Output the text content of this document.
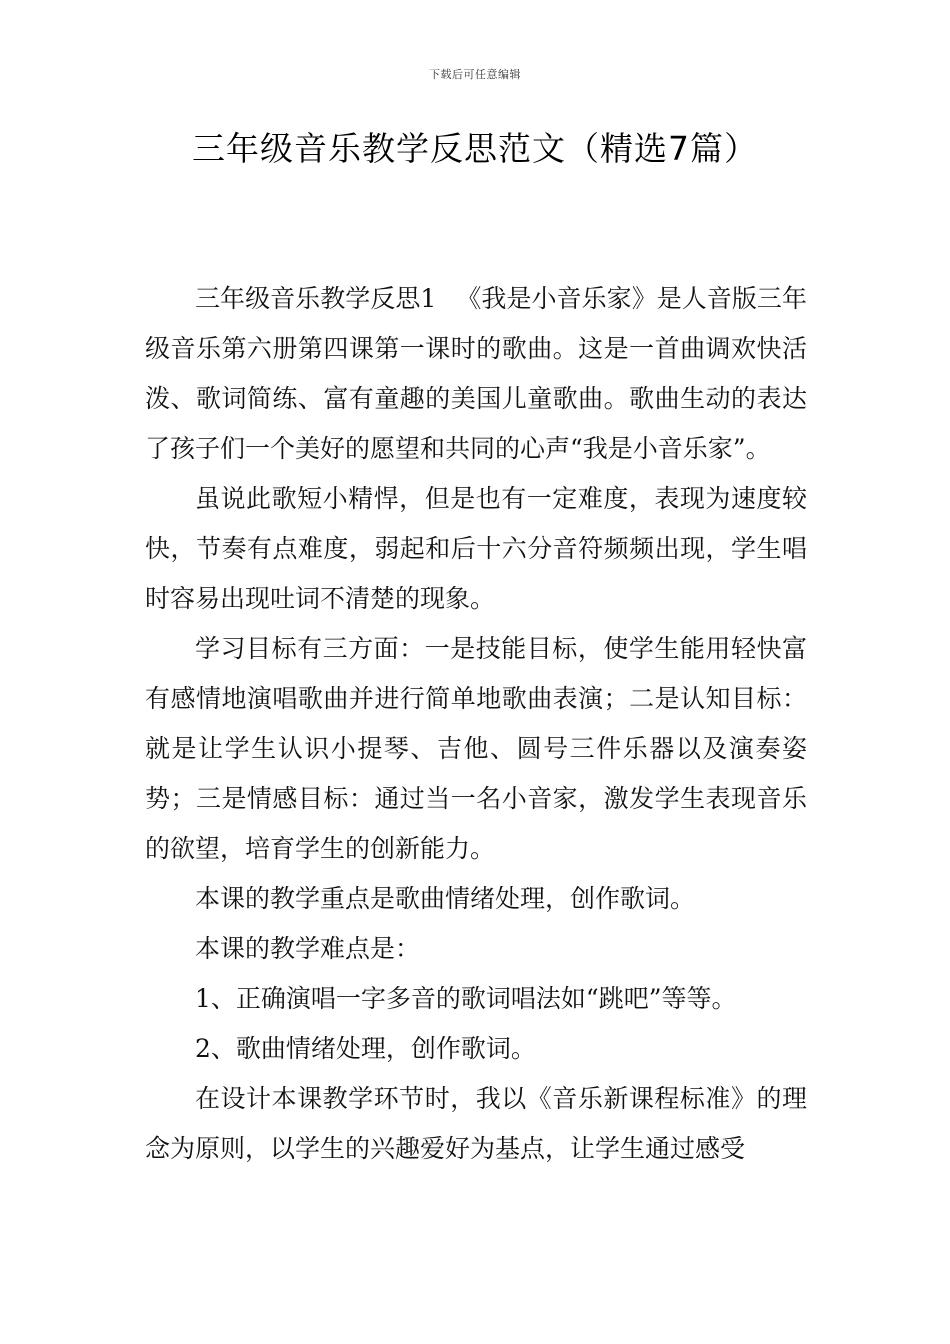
下载后可任意编辑
三年级音乐教学反思范文（精选7篇）

三年级音乐教学反思1 《我是小音乐家》是人音版三年级音乐第六册第四课第一课时的歌曲。这是一首曲调欢快活泼、歌词简练、富有童趣的美国儿童歌曲。歌曲生动的表达了孩子们一个美好的愿望和共同的心声“我是小音乐家”。

虽说此歌短小精悍，但是也有一定难度，表现为速度较快，节奏有点难度，弱起和后十六分音符频频出现，学生唱时容易出现吐词不清楚的现象。

学习目标有三方面：一是技能目标，使学生能用轻快富有感情地演唱歌曲并进行简单地歌曲表演；二是认知目标：就是让学生认识小提琴、吉他、圆号三件乐器以及演奏姿势；三是情感目标：通过当一名小音家，激发学生表现音乐的欲望，培育学生的创新能力。

本课的教学重点是歌曲情绪处理，创作歌词。

本课的教学难点是：

1、正确演唱一字多音的歌词唱法如“跳吧”等等。

2、歌曲情绪处理，创作歌词。

在设计本课教学环节时，我以《音乐新课程标准》的理念为原则，以学生的兴趣爱好为基点，让学生通过感受
